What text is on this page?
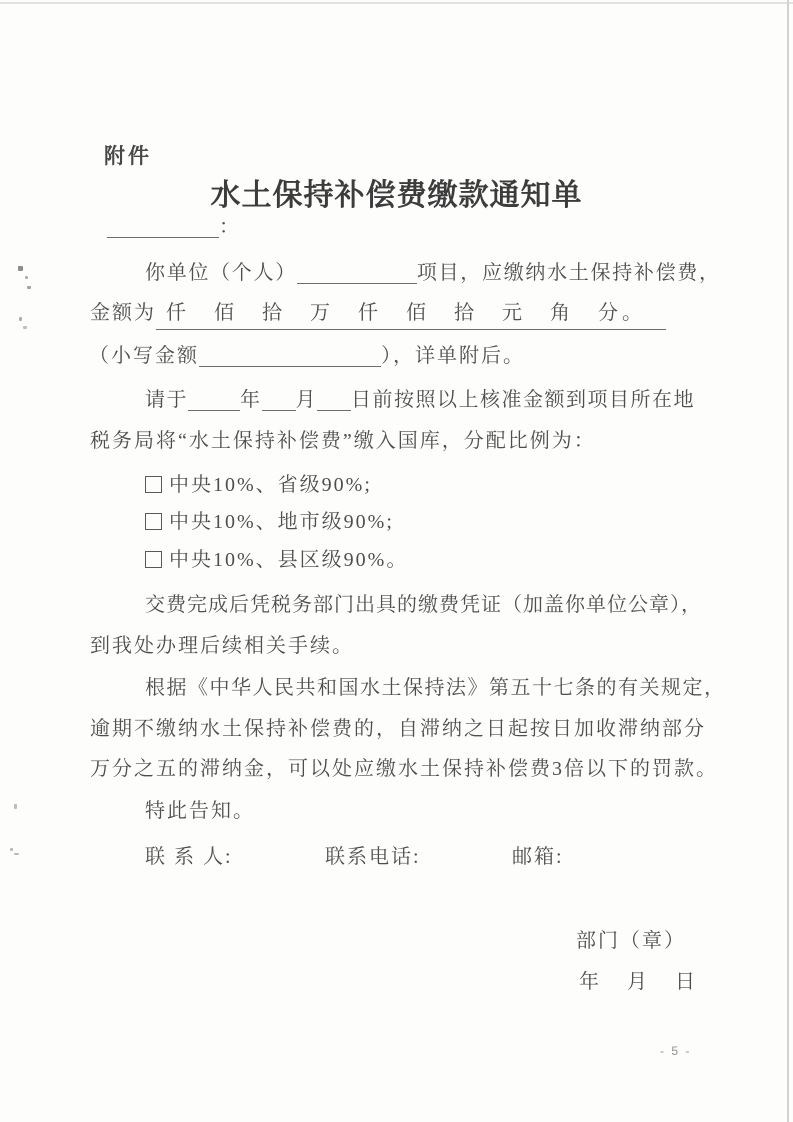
附件
水土保持补偿费缴款通知单
：
你单位（个人）	项目，应缴纳水土保持补偿费，
金额为 仟　佰　拾　万　仟　佰　拾　元　角　分。
（小写金额	），详单附后。
请于	年 月 日前按照以上核准金额到项目所在地
税务局将“水土保持补偿费”缴入国库，分配比例为：
中央10%、省级90%;
中央10%、地市级90%;
中央10%、县区级90%。
交费完成后凭税务部门出具的缴费凭证（加盖你单位公章），
到我处办理后续相关手续。
根据《中华人民共和国水土保持法》第五十七条的有关规定，
逾期不缴纳水土保持补偿费的，自滞纳之日起按日加收滞纳部分
万分之五的滞纳金，可以处应缴水土保持补偿费3倍以下的罚款。
特此告知。
联 系 人:	联系电话:	邮箱:
部门（章）
年　月　日
- 5 -
